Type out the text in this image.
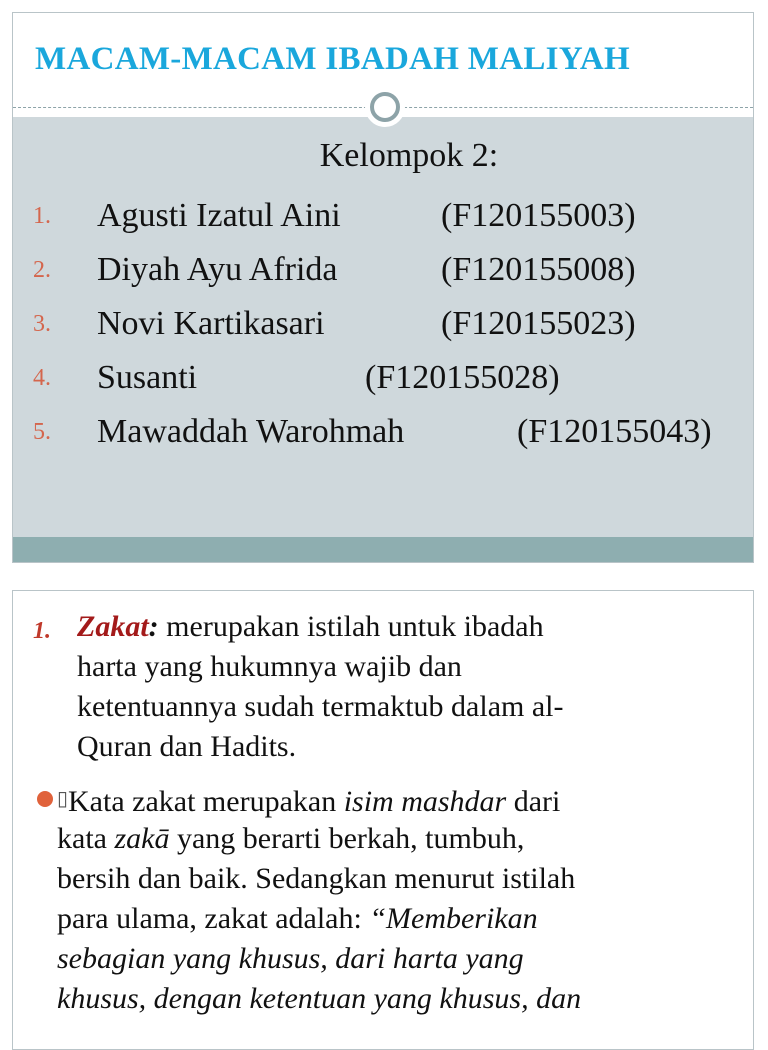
MACAM-MACAM IBADAH MALIYAH
Kelompok 2:
1. Agusti Izatul Aini	(F120155003)
2. Diyah Ayu Afrida	(F120155008)
3. Novi Kartikasari	(F120155023)
4. Susanti	(F120155028)
5. Mawaddah Warohmah	(F120155043)
1. Zakat: merupakan istilah untuk ibadah
harta yang hukumnya wajib dan
ketentuannya sudah termaktub dalam al-
Quran dan Hadits.
▯Kata zakat merupakan isim mashdar dari
kata zakā yang berarti berkah, tumbuh,
bersih dan baik. Sedangkan menurut istilah
para ulama, zakat adalah: “Memberikan
sebagian yang khusus, dari harta yang
khusus, dengan ketentuan yang khusus, dan
